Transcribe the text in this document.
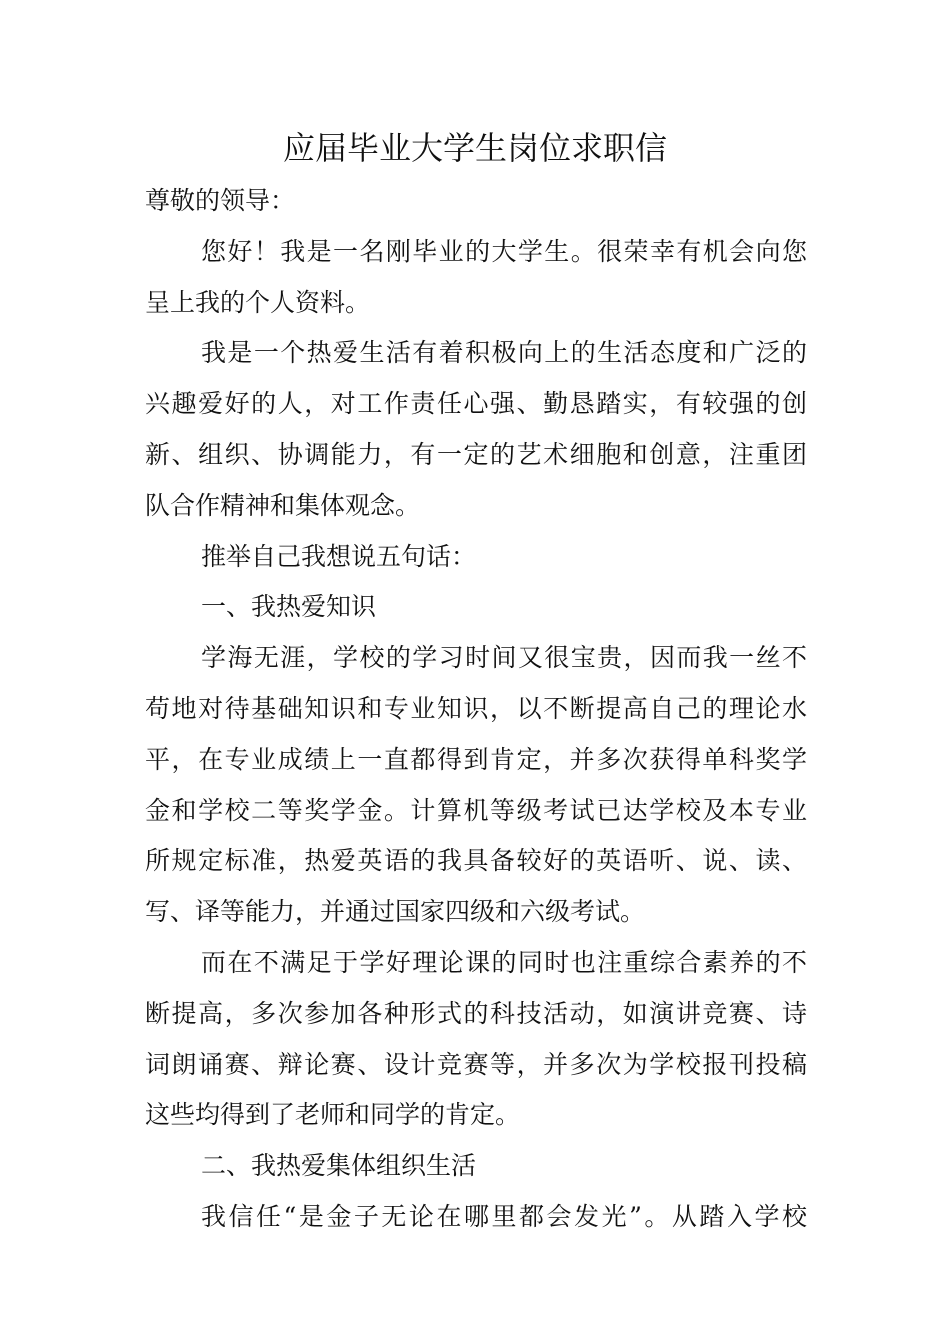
应届毕业大学生岗位求职信
尊敬的领导：
您好！我是一名刚毕业的大学生。很荣幸有机会向您
呈上我的个人资料。
我是一个热爱生活有着积极向上的生活态度和广泛的
兴趣爱好的人，对工作责任心强、勤恳踏实，有较强的创
新、组织、协调能力，有一定的艺术细胞和创意，注重团
队合作精神和集体观念。
推举自己我想说五句话：
一、我热爱知识
学海无涯，学校的学习时间又很宝贵，因而我一丝不
苟地对待基础知识和专业知识，以不断提高自己的理论水
平，在专业成绩上一直都得到肯定，并多次获得单科奖学
金和学校二等奖学金。计算机等级考试已达学校及本专业
所规定标准，热爱英语的我具备较好的英语听、说、读、
写、译等能力，并通过国家四级和六级考试。
而在不满足于学好理论课的同时也注重综合素养的不
断提高，多次参加各种形式的科技活动，如演讲竞赛、诗
词朗诵赛、辩论赛、设计竞赛等，并多次为学校报刊投稿
这些均得到了老师和同学的肯定。
二、我热爱集体组织生活
我信任“是金子无论在哪里都会发光”。从踏入学校
